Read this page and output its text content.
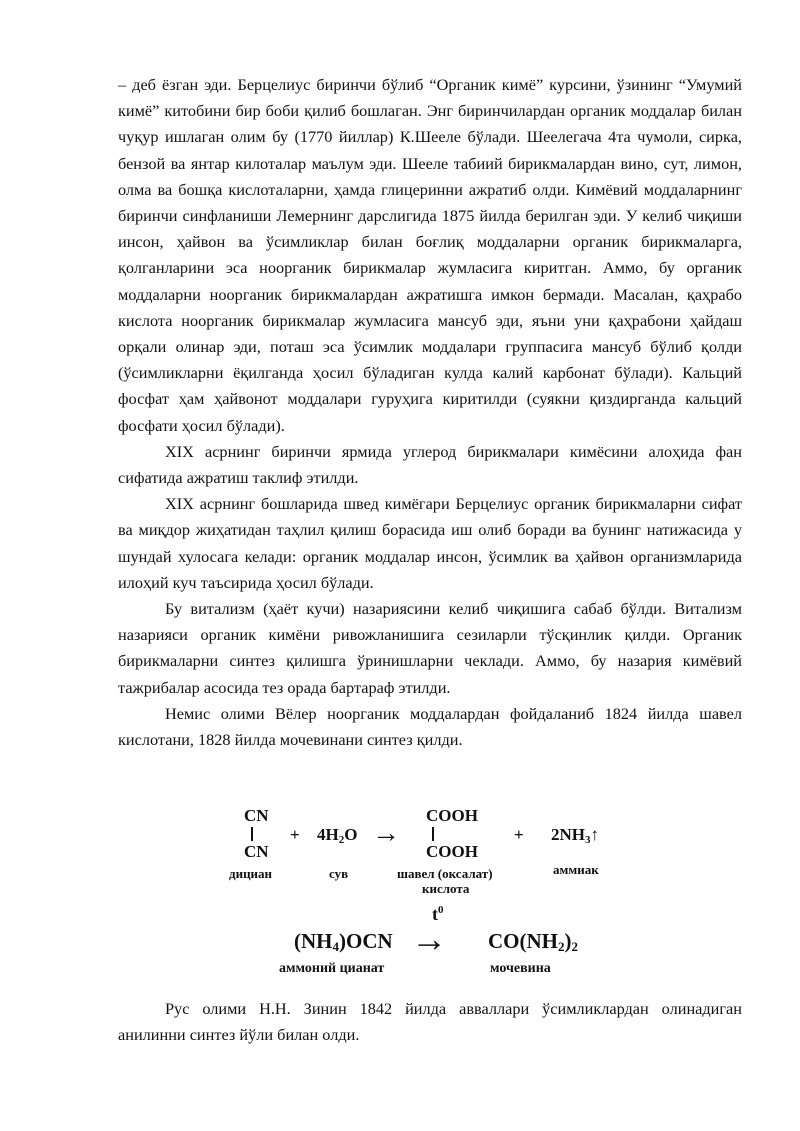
– деб ёзган эди. Берцелиус биринчи бўлиб “Органик кимё” курсини, ўзининг “Умумий кимё” китобини бир боби қилиб бошлаган. Энг биринчилардан органик моддалар билан чуқур ишлаган олим бу (1770 йиллар) К.Шееле бўлади. Шеелегача 4та чумоли, сирка, бензой ва янтар килоталар маълум эди. Шееле табиий бирикмалардан вино, сут, лимон, олма ва бошқа кислоталарни, ҳамда глицеринни ажратиб олди. Кимёвий моддаларнинг биринчи синфланиши Лемернинг дарслигида 1875 йилда берилган эди. У келиб чиқиши инсон, ҳайвон ва ўсимликлар билан боғлиқ моддаларни органик бирикмаларга, қолганларини эса ноорганик бирикмалар жумласига киритган. Аммо, бу органик моддаларни ноорганик бирикмалардан ажратишга имкон бермади. Масалан, қаҳрабо кислота ноорганик бирикмалар жумласига мансуб эди, яъни уни қаҳрабони ҳайдаш орқали олинар эди, поташ эса ўсимлик моддалари группасига мансуб бўлиб қолди (ўсимликларни ёқилганда ҳосил бўладиган кулда калий карбонат бўлади). Кальций фосфат ҳам ҳайвонот моддалари гуруҳига киритилди (суякни қиздирганда кальций фосфати ҳосил бўлади).

XIX асрнинг биринчи ярмида углерод бирикмалари кимёсини алоҳида фан сифатида ажратиш таклиф этилди.

XIX асрнинг бошларида швед кимёгари Берцелиус органик бирикмаларни сифат ва миқдор жиҳатидан таҳлил қилиш борасида иш олиб боради ва бунинг натижасида у шундай хулосага келади: органик моддалар инсон, ўсимлик ва ҳайвон организмларида илоҳий куч таъсирида ҳосил бўлади.

Бу витализм (ҳаёт кучи) назариясини келиб чиқишига сабаб бўлди. Витализм назарияси органик кимёни ривожланишига сезиларли тўсқинлик қилди. Органик бирикмаларни синтез қилишга ўринишларни чеклади. Аммо, бу назария кимёвий тажрибалар асосида тез орада бартараф этилди.

Немис олими Вёлер ноорганик моддалардан фойдаланиб 1824 йилда шавел кислотани, 1828 йилда мочевинани синтез қилди.

CN
CN
дициан
+ $4H_2O$
сув
→
COOH
COOH
шавел (оксалат)
кислота
+ $2NH_3↑$
аммиак
$(NH_4)OCN$
аммоний цианат
$t^0$
→ $CO(NH_2)_2$
мочевина

Рус олими Н.Н. Зинин 1842 йилда авваллари ўсимликлардан олинадиган анилинни синтез йўли билан олди.
